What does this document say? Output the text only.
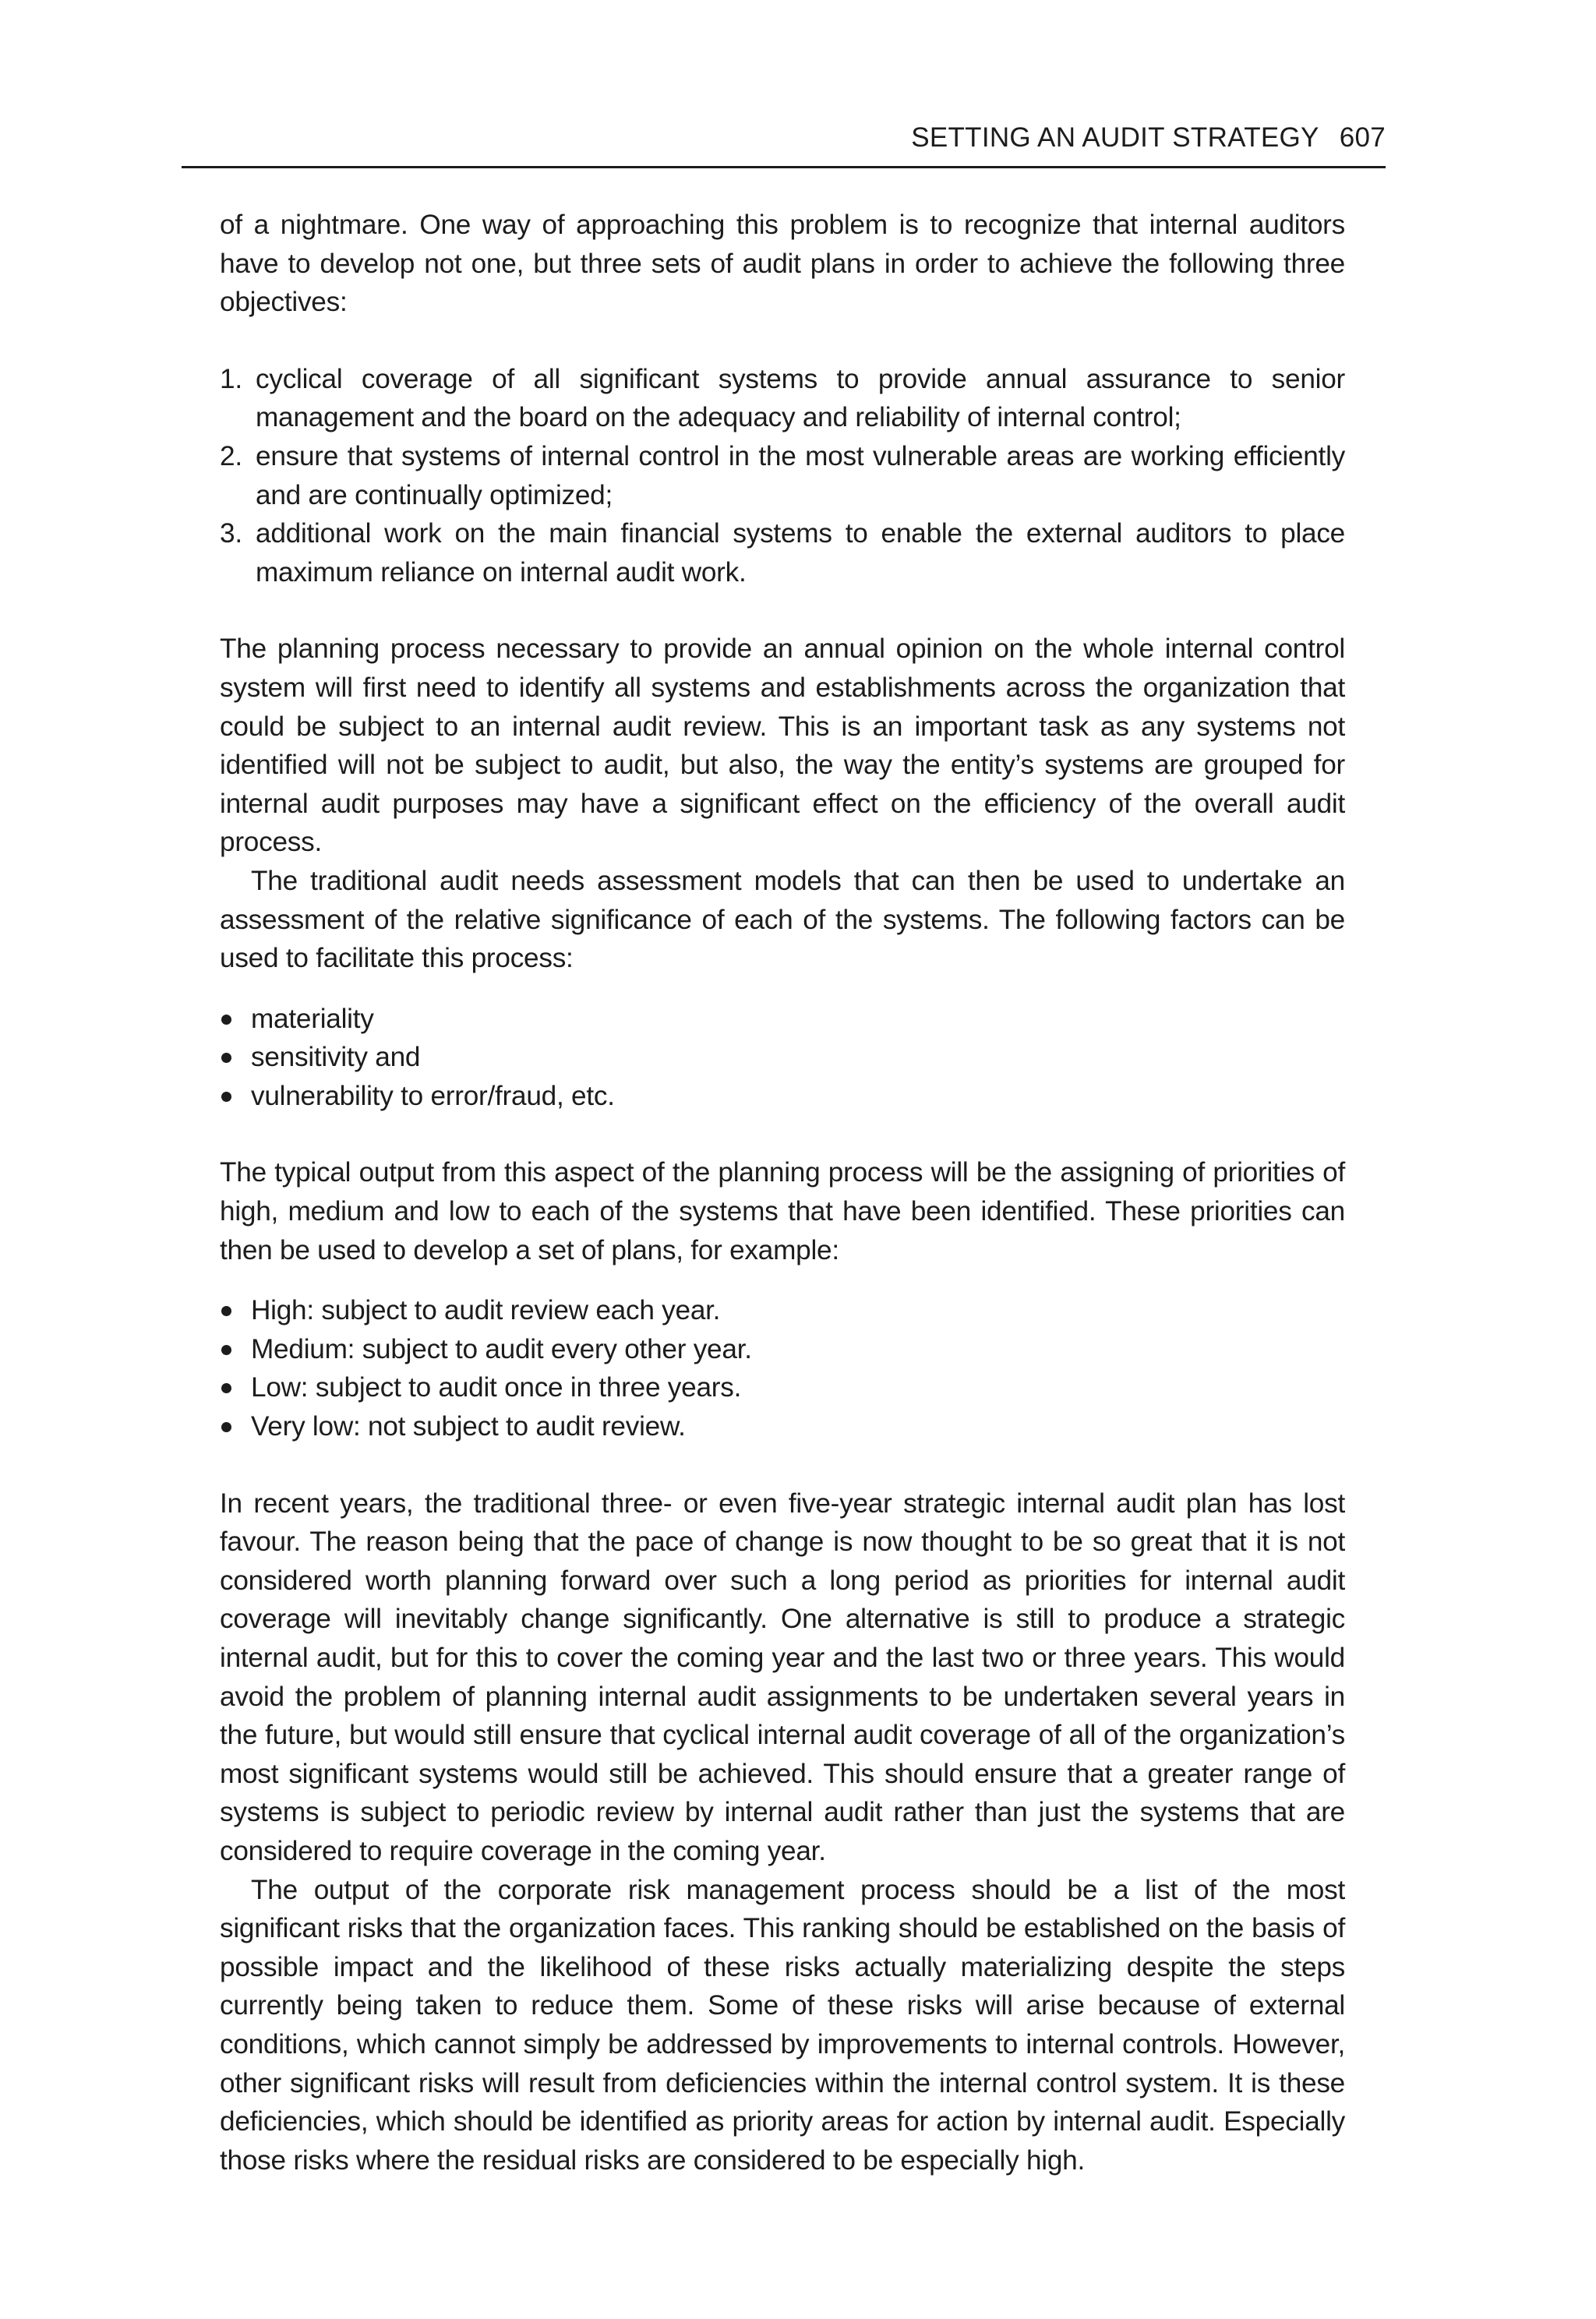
SETTING AN AUDIT STRATEGY 607

of a nightmare. One way of approaching this problem is to recognize that internal auditors have to develop not one, but three sets of audit plans in order to achieve the following three objectives:

1. cyclical coverage of all significant systems to provide annual assurance to senior management and the board on the adequacy and reliability of internal control;
2. ensure that systems of internal control in the most vulnerable areas are working efficiently and are continually optimized;
3. additional work on the main financial systems to enable the external auditors to place maximum reliance on internal audit work.

The planning process necessary to provide an annual opinion on the whole internal control system will first need to identify all systems and establishments across the organization that could be subject to an internal audit review. This is an important task as any systems not identified will not be subject to audit, but also, the way the entity’s systems are grouped for internal audit purposes may have a significant effect on the efficiency of the overall audit process.

The traditional audit needs assessment models that can then be used to undertake an assessment of the relative significance of each of the systems. The following factors can be used to facilitate this process:

materiality
sensitivity and
vulnerability to error/fraud, etc.

The typical output from this aspect of the planning process will be the assigning of priorities of high, medium and low to each of the systems that have been identified. These priorities can then be used to develop a set of plans, for example:

High: subject to audit review each year.
Medium: subject to audit every other year.
Low: subject to audit once in three years.
Very low: not subject to audit review.

In recent years, the traditional three- or even five-year strategic internal audit plan has lost favour. The reason being that the pace of change is now thought to be so great that it is not considered worth planning forward over such a long period as priorities for internal audit coverage will inevitably change significantly. One alternative is still to produce a strategic internal audit, but for this to cover the coming year and the last two or three years. This would avoid the problem of planning internal audit assignments to be undertaken several years in the future, but would still ensure that cyclical internal audit coverage of all of the organization’s most significant systems would still be achieved. This should ensure that a greater range of systems is subject to periodic review by internal audit rather than just the systems that are considered to require coverage in the coming year.

The output of the corporate risk management process should be a list of the most significant risks that the organization faces. This ranking should be established on the basis of possible impact and the likelihood of these risks actually materializing despite the steps currently being taken to reduce them. Some of these risks will arise because of external conditions, which cannot simply be addressed by improvements to internal controls. However, other significant risks will result from deficiencies within the internal control system. It is these deficiencies, which should be identified as priority areas for action by internal audit. Especially those risks where the residual risks are considered to be especially high.
